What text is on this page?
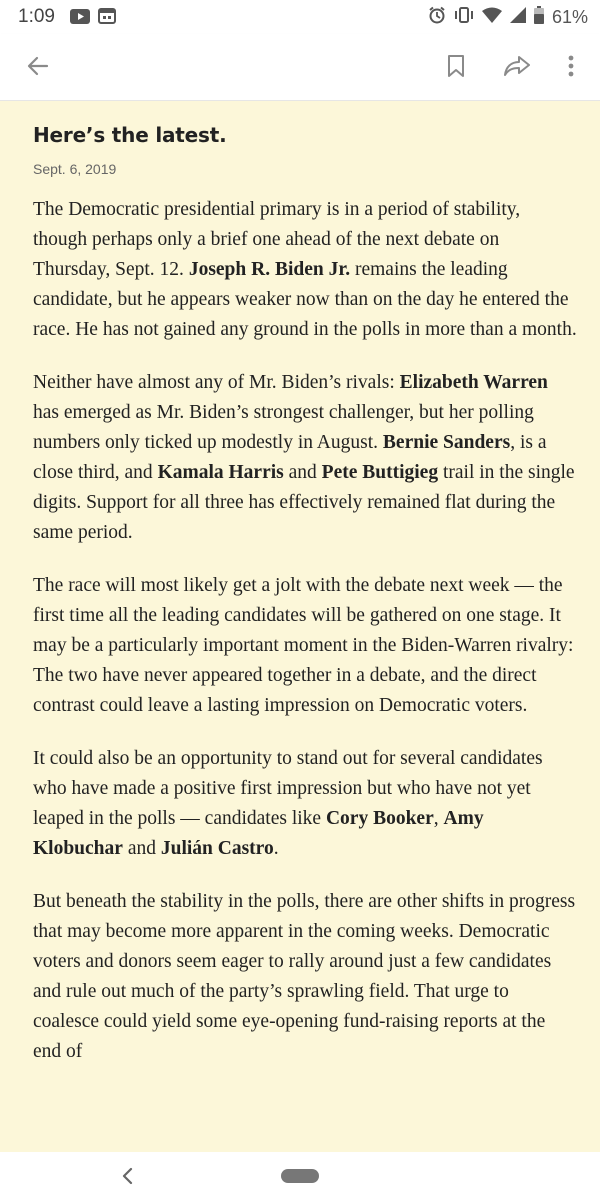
1:09	61%
Here’s the latest.
Sept. 6, 2019

The Democratic presidential primary is in a period of stability, though perhaps only a brief one ahead of the next debate on Thursday, Sept. 12. Joseph R. Biden Jr. remains the leading candidate, but he appears weaker now than on the day he entered the race. He has not gained any ground in the polls in more than a month.

Neither have almost any of Mr. Biden’s rivals: Elizabeth Warren has emerged as Mr. Biden’s strongest challenger, but her polling numbers only ticked up modestly in August. Bernie Sanders, is a close third, and Kamala Harris and Pete Buttigieg trail in the single digits. Support for all three has effectively remained flat during the same period.

The race will most likely get a jolt with the debate next week — the first time all the leading candidates will be gathered on one stage. It may be a particularly important moment in the Biden-Warren rivalry: The two have never appeared together in a debate, and the direct contrast could leave a lasting impression on Democratic voters.

It could also be an opportunity to stand out for several candidates who have made a positive first impression but who have not yet leaped in the polls — candidates like Cory Booker, Amy Klobuchar and Julián Castro.

But beneath the stability in the polls, there are other shifts in progress that may become more apparent in the coming weeks. Democratic voters and donors seem eager to rally around just a few candidates and rule out much of the party’s sprawling field. That urge to coalesce could yield some eye-opening fund-raising reports at the end of
